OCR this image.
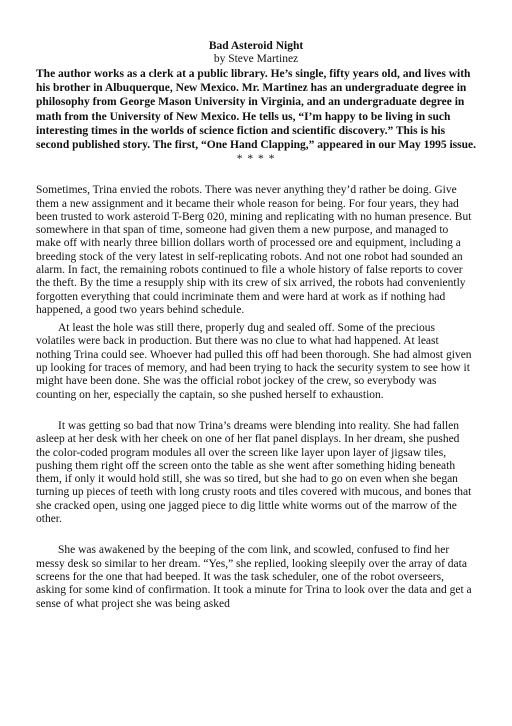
Bad Asteroid Night
by Steve Martinez
The author works as a clerk at a public library. He’s single, fifty years old, and lives with his brother in Albuquerque, New Mexico. Mr. Martinez has an undergraduate degree in philosophy from George Mason University in Virginia, and an undergraduate degree in math from the University of New Mexico. He tells us, “I’m happy to be living in such interesting times in the worlds of science fiction and scientific discovery.” This is his second published story. The first, “One Hand Clapping,” appeared in our May 1995 issue.
* * * *

Sometimes, Trina envied the robots. There was never anything they’d rather be doing. Give them a new assignment and it became their whole reason for being. For four years, they had been trusted to work asteroid T-Berg 020, mining and replicating with no human presence. But somewhere in that span of time, someone had given them a new purpose, and managed to make off with nearly three billion dollars worth of processed ore and equipment, including a breeding stock of the very latest in self-replicating robots. And not one robot had sounded an alarm. In fact, the remaining robots continued to file a whole history of false reports to cover the theft. By the time a resupply ship with its crew of six arrived, the robots had conveniently forgotten everything that could incriminate them and were hard at work as if nothing had happened, a good two years behind schedule.

At least the hole was still there, properly dug and sealed off. Some of the precious volatiles were back in production. But there was no clue to what had happened. At least nothing Trina could see. Whoever had pulled this off had been thorough. She had almost given up looking for traces of memory, and had been trying to hack the security system to see how it might have been done. She was the official robot jockey of the crew, so everybody was counting on her, especially the captain, so she pushed herself to exhaustion.

It was getting so bad that now Trina’s dreams were blending into reality. She had fallen asleep at her desk with her cheek on one of her flat panel displays. In her dream, she pushed the color-coded program modules all over the screen like layer upon layer of jigsaw tiles, pushing them right off the screen onto the table as she went after something hiding beneath them, if only it would hold still, she was so tired, but she had to go on even when she began turning up pieces of teeth with long crusty roots and tiles covered with mucous, and bones that she cracked open, using one jagged piece to dig little white worms out of the marrow of the other.

She was awakened by the beeping of the com link, and scowled, confused to find her messy desk so similar to her dream. “Yes,” she replied, looking sleepily over the array of data screens for the one that had beeped. It was the task scheduler, one of the robot overseers, asking for some kind of confirmation. It took a minute for Trina to look over the data and get a sense of what project she was being asked
